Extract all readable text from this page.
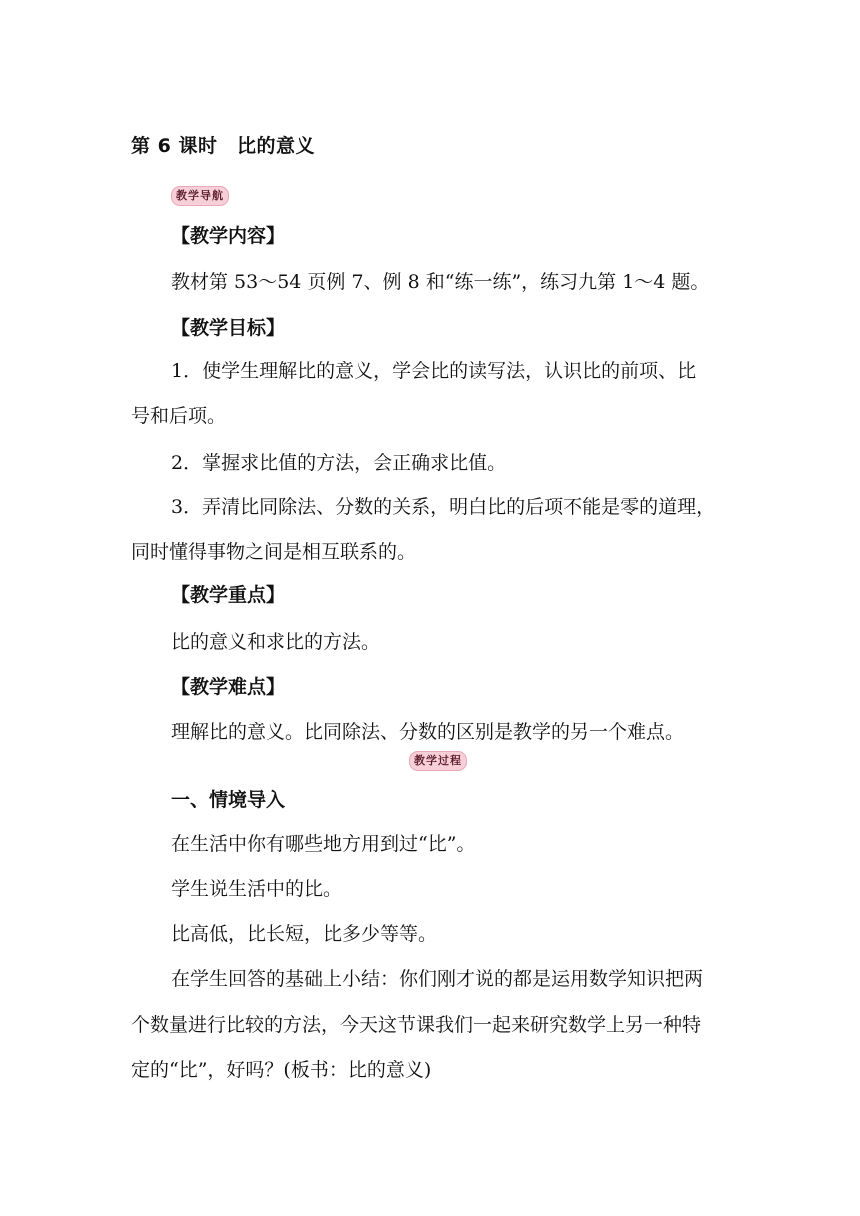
第 6 课时　比的意义
教学导航
【教学内容】
教材第 53～54 页例 7、例 8 和“练一练”，练习九第 1～4 题。
【教学目标】
1．使学生理解比的意义，学会比的读写法，认识比的前项、比
号和后项。
2．掌握求比值的方法，会正确求比值。
3．弄清比同除法、分数的关系，明白比的后项不能是零的道理，
同时懂得事物之间是相互联系的。
【教学重点】
比的意义和求比的方法。
【教学难点】
理解比的意义。比同除法、分数的区别是教学的另一个难点。
教学过程
一、情境导入
在生活中你有哪些地方用到过“比”。
学生说生活中的比。
比高低，比长短，比多少等等。
在学生回答的基础上小结：你们刚才说的都是运用数学知识把两
个数量进行比较的方法，今天这节课我们一起来研究数学上另一种特
定的“比”，好吗？(板书：比的意义)
